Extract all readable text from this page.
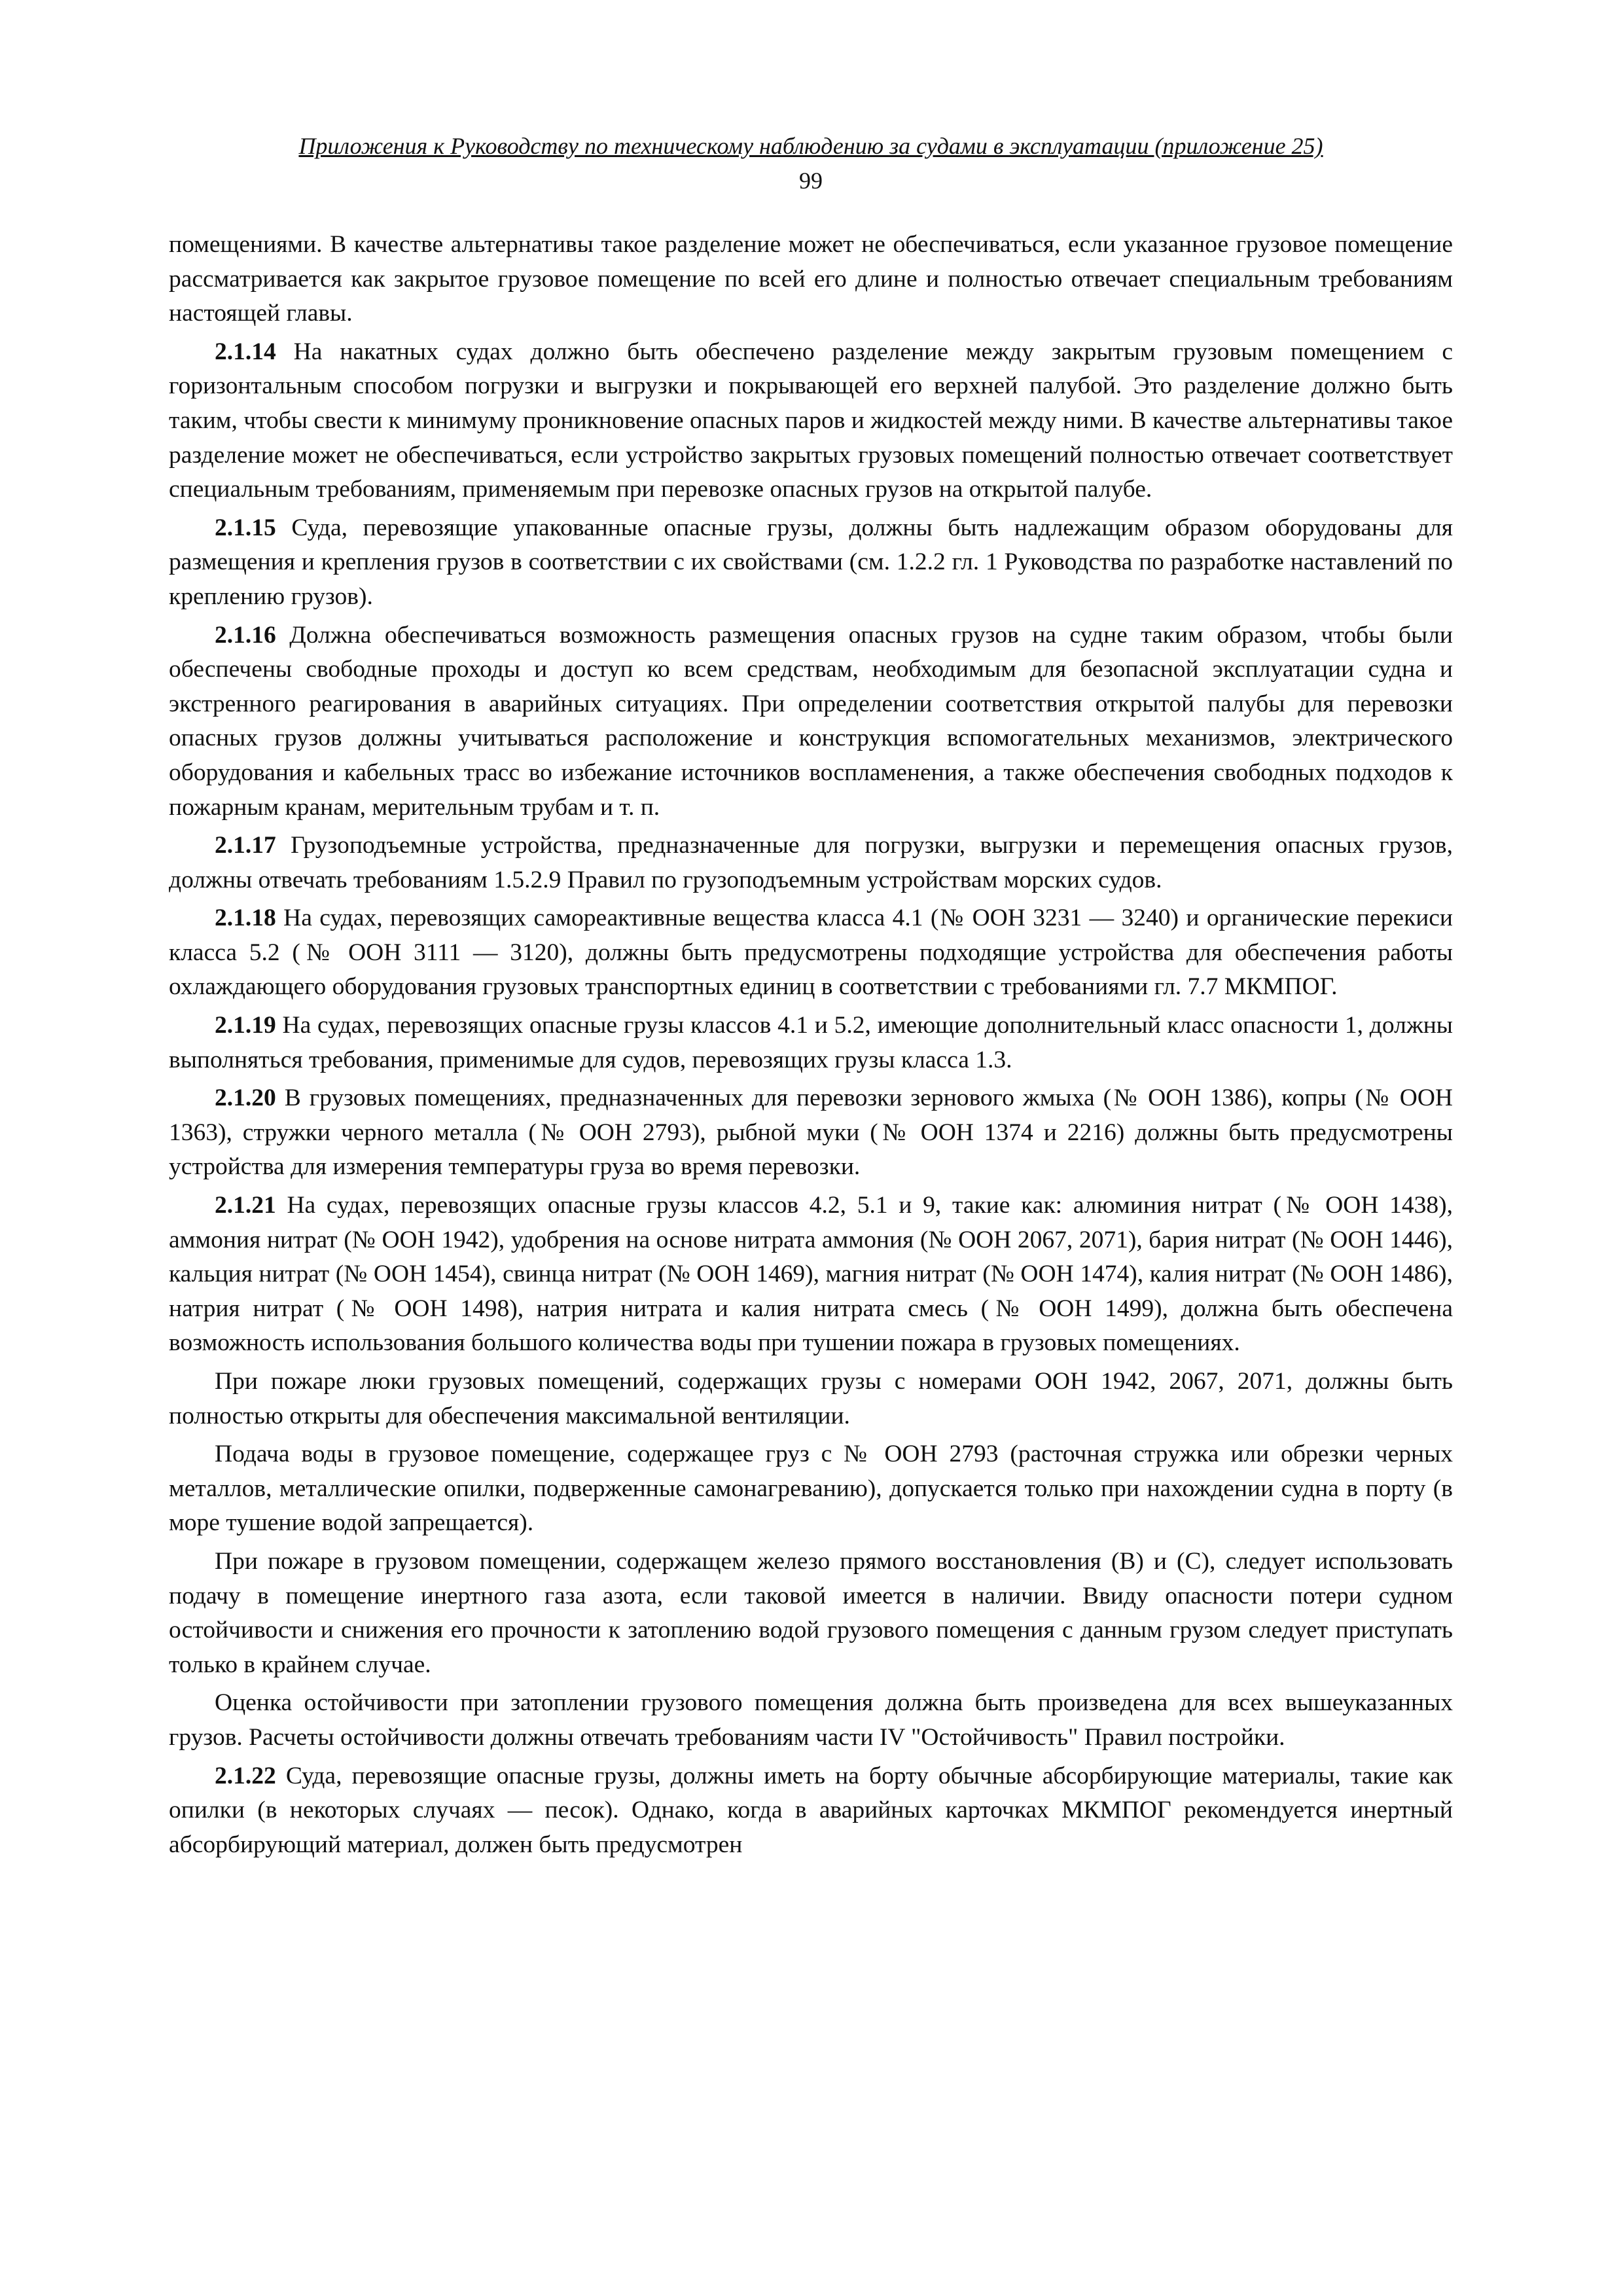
Приложения к Руководству по техническому наблюдению за судами в эксплуатации (приложение 25)
99

помещениями. В качестве альтернативы такое разделение может не обеспечиваться, если указанное грузовое помещение рассматривается как закрытое грузовое помещение по всей его длине и полностью отвечает специальным требованиям настоящей главы.

2.1.14 На накатных судах должно быть обеспечено разделение между закрытым грузовым помещением с горизонтальным способом погрузки и выгрузки и покрывающей его верхней палубой. Это разделение должно быть таким, чтобы свести к минимуму проникновение опасных паров и жидкостей между ними. В качестве альтернативы такое разделение может не обеспечиваться, если устройство закрытых грузовых помещений полностью отвечает соответствует специальным требованиям, применяемым при перевозке опасных грузов на открытой палубе.

2.1.15 Суда, перевозящие упакованные опасные грузы, должны быть надлежащим образом оборудованы для размещения и крепления грузов в соответствии с их свойствами (см. 1.2.2 гл. 1 Руководства по разработке наставлений по креплению грузов).

2.1.16 Должна обеспечиваться возможность размещения опасных грузов на судне таким образом, чтобы были обеспечены свободные проходы и доступ ко всем средствам, необходимым для безопасной эксплуатации судна и экстренного реагирования в аварийных ситуациях. При определении соответствия открытой палубы для перевозки опасных грузов должны учитываться расположение и конструкция вспомогательных механизмов, электрического оборудования и кабельных трасс во избежание источников воспламенения, а также обеспечения свободных подходов к пожарным кранам, мерительным трубам и т. п.

2.1.17 Грузоподъемные устройства, предназначенные для погрузки, выгрузки и перемещения опасных грузов, должны отвечать требованиям 1.5.2.9 Правил по грузоподъемным устройствам морских судов.

2.1.18 На судах, перевозящих самореактивные вещества класса 4.1 (№ ООН 3231 — 3240) и органические перекиси класса 5.2 (№ ООН 3111 — 3120), должны быть предусмотрены подходящие устройства для обеспечения работы охлаждающего оборудования грузовых транспортных единиц в соответствии с требованиями гл. 7.7 МКМПОГ.

2.1.19 На судах, перевозящих опасные грузы классов 4.1 и 5.2, имеющие дополнительный класс опасности 1, должны выполняться требования, применимые для судов, перевозящих грузы класса 1.3.

2.1.20 В грузовых помещениях, предназначенных для перевозки зернового жмыха (№ ООН 1386), копры (№ ООН 1363), стружки черного металла (№ ООН 2793), рыбной муки (№ ООН 1374 и 2216) должны быть предусмотрены устройства для измерения температуры груза во время перевозки.

2.1.21 На судах, перевозящих опасные грузы классов 4.2, 5.1 и 9, такие как: алюминия нитрат (№ ООН 1438), аммония нитрат (№ ООН 1942), удобрения на основе нитрата аммония (№ ООН 2067, 2071), бария нитрат (№ ООН 1446), кальция нитрат (№ ООН 1454), свинца нитрат (№ ООН 1469), магния нитрат (№ ООН 1474), калия нитрат (№ ООН 1486), натрия нитрат (№ ООН 1498), натрия нитрата и калия нитрата смесь (№ ООН 1499), должна быть обеспечена возможность использования большого количества воды при тушении пожара в грузовых помещениях.

При пожаре люки грузовых помещений, содержащих грузы с номерами ООН 1942, 2067, 2071, должны быть полностью открыты для обеспечения максимальной вентиляции.

Подача воды в грузовое помещение, содержащее груз с № ООН 2793 (расточная стружка или обрезки черных металлов, металлические опилки, подверженные самонагреванию), допускается только при нахождении судна в порту (в море тушение водой запрещается).

При пожаре в грузовом помещении, содержащем железо прямого восстановления (В) и (С), следует использовать подачу в помещение инертного газа азота, если таковой имеется в наличии. Ввиду опасности потери судном остойчивости и снижения его прочности к затоплению водой грузового помещения с данным грузом следует приступать только в крайнем случае.

Оценка остойчивости при затоплении грузового помещения должна быть произведена для всех вышеуказанных грузов. Расчеты остойчивости должны отвечать требованиям части IV "Остойчивость" Правил постройки.

2.1.22 Суда, перевозящие опасные грузы, должны иметь на борту обычные абсорбирующие материалы, такие как опилки (в некоторых случаях — песок). Однако, когда в аварийных карточках МКМПОГ рекомендуется инертный абсорбирующий материал, должен быть предусмотрен
